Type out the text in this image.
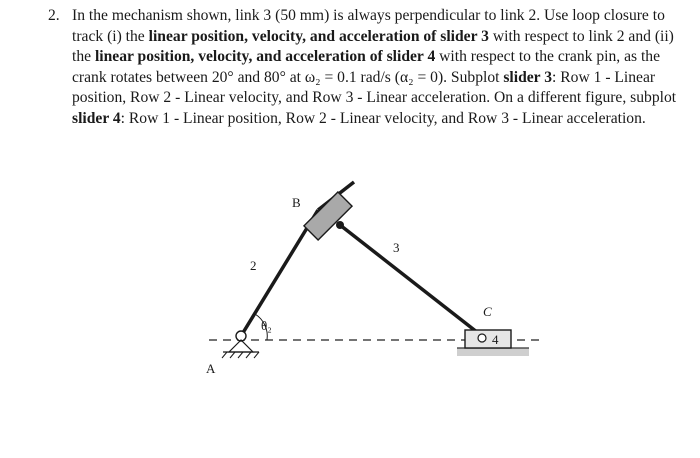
2. In the mechanism shown, link 3 (50 mm) is always perpendicular to link 2. Use loop closure to track (i) the linear position, velocity, and acceleration of slider 3 with respect to link 2 and (ii) the linear position, velocity, and acceleration of slider 4 with respect to the crank pin, as the crank rotates between 20° and 80° at ω₂ = 0.1 rad/s (α₂ = 0). Subplot slider 3: Row 1 - Linear position, Row 2 - Linear velocity, and Row 3 - Linear acceleration. On a different figure, subplot slider 4: Row 1 - Linear position, Row 2 - Linear velocity, and Row 3 - Linear acceleration.
B
3
2
C
4
θ₂
A
